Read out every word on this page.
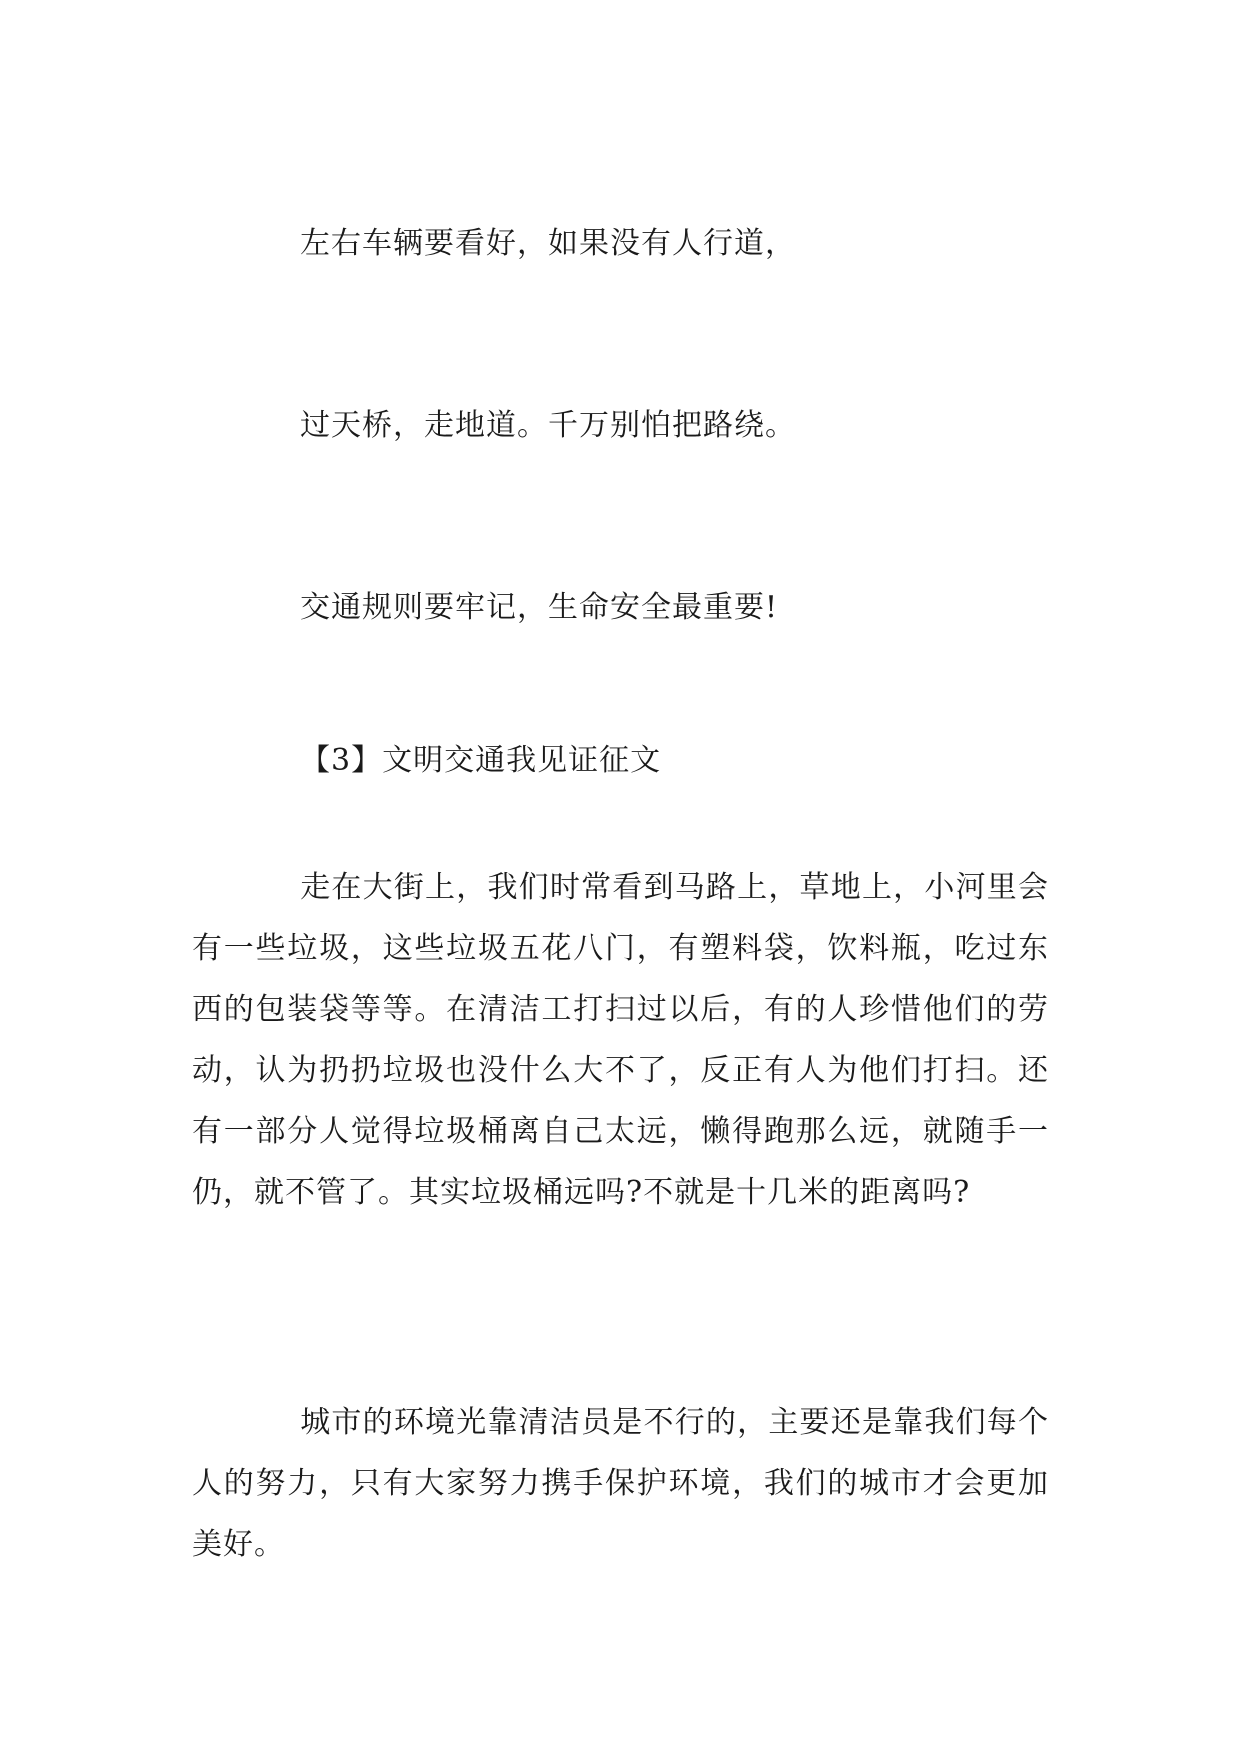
左右车辆要看好，如果没有人行道，

过天桥，走地道。千万别怕把路绕。

交通规则要牢记，生命安全最重要!

【3】文明交通我见证征文

走在大街上，我们时常看到马路上，草地上，小河里会有一些垃圾，这些垃圾五花八门，有塑料袋，饮料瓶，吃过东西的包装袋等等。在清洁工打扫过以后，有的人珍惜他们的劳动，认为扔扔垃圾也没什么大不了，反正有人为他们打扫。还有一部分人觉得垃圾桶离自己太远，懒得跑那么远，就随手一仍，就不管了。其实垃圾桶远吗?不就是十几米的距离吗?

城市的环境光靠清洁员是不行的，主要还是靠我们每个人的努力，只有大家努力携手保护环境，我们的城市才会更加美好。
